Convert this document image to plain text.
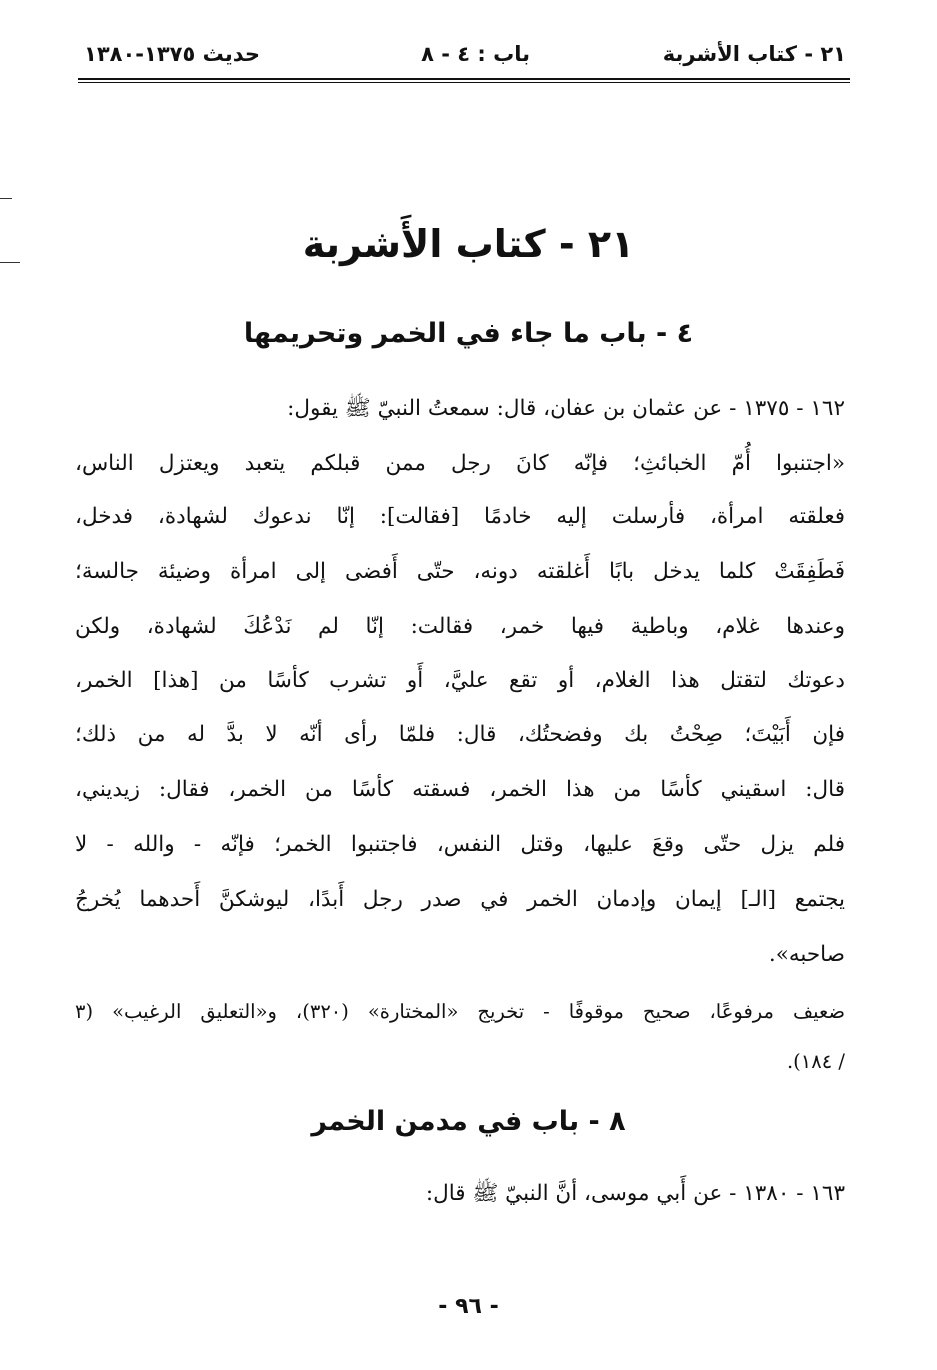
٢١ - كتاب الأشربة
باب : ٤ - ٨
حديث ١٣٧٥-١٣٨٠
٢١ - كتاب الأَشربة
٤ - باب ما جاء في الخمر وتحريمها
١٦٢ - ١٣٧٥ - عن عثمان بن عفان، قال: سمعتُ النبيّ ﷺ يقول:
«اجتنبوا أُمّ الخبائثِ؛ فإنّه كانَ رجل ممن قبلكم يتعبد ويعتزل الناس،
فعلقته امرأة، فأرسلت إليه خادمًا [فقالت]: إنّا ندعوك لشهادة، فدخل،
فَطَفِقَتْ كلما يدخل بابًا أَغلقته دونه، حتّى أَفضى إلى امرأة وضيئة جالسة؛
وعندها غلام، وباطية فيها خمر، فقالت: إنّا لم نَدْعُكَ لشهادة، ولكن
دعوتك لتقتل هذا الغلام، أو تقع عليَّ، أَو تشرب كأسًا من [هذا] الخمر،
فإن أَبَيْتَ؛ صِحْتُ بك وفضحتُك، قال: فلمّا رأى أنّه لا بدَّ له من ذلك؛
قال: اسقيني كأسًا من هذا الخمر، فسقته كأسًا من الخمر، فقال: زيديني،
فلم يزل حتّى وقعَ عليها، وقتل النفس، فاجتنبوا الخمر؛ فإنّه - والله - لا
يجتمع [الـ] إيمان وإدمان الخمر في صدر رجل أَبدًا، ليوشكنَّ أَحدهما يُخرجُ
صاحبه».
ضعيف مرفوعًا، صحيح موقوفًا - تخريج «المختارة» (٣٢٠)، و«التعليق الرغيب» (٣
/ ١٨٤).
٨ - باب في مدمن الخمر
١٦٣ - ١٣٨٠ - عن أَبي موسى، أنَّ النبيّ ﷺ قال:
- ٩٦ -
